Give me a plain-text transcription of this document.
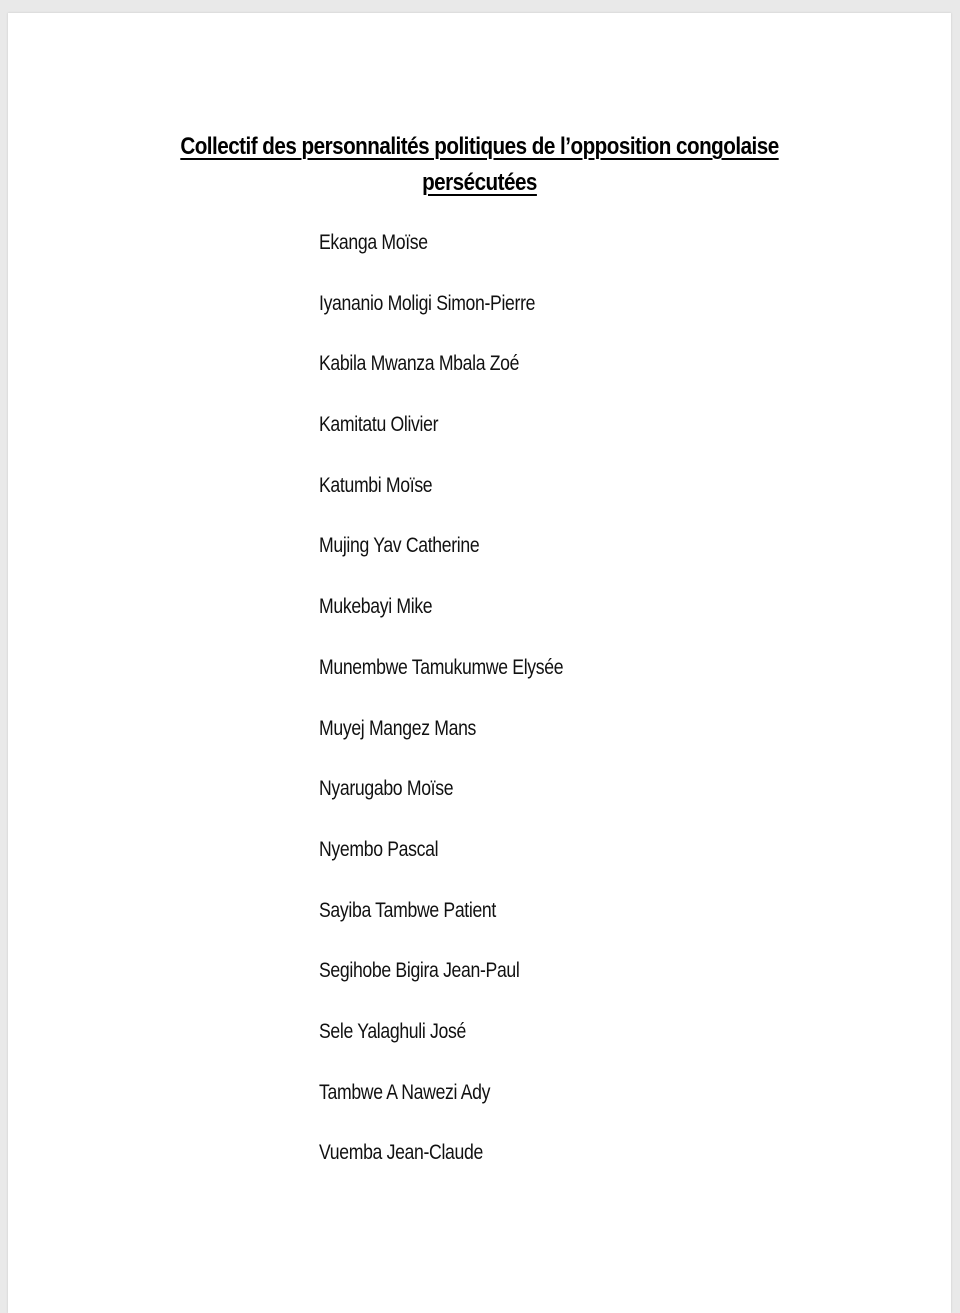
Collectif des personnalités politiques de l’opposition congolaise
persécutées
Ekanga Moïse
Iyananio Moligi Simon-Pierre
Kabila Mwanza Mbala Zoé
Kamitatu Olivier
Katumbi Moïse
Mujing Yav Catherine
Mukebayi Mike
Munembwe Tamukumwe Elysée
Muyej Mangez Mans
Nyarugabo Moïse
Nyembo Pascal
Sayiba Tambwe Patient
Segihobe Bigira Jean-Paul
Sele Yalaghuli José
Tambwe A Nawezi Ady
Vuemba Jean-Claude
